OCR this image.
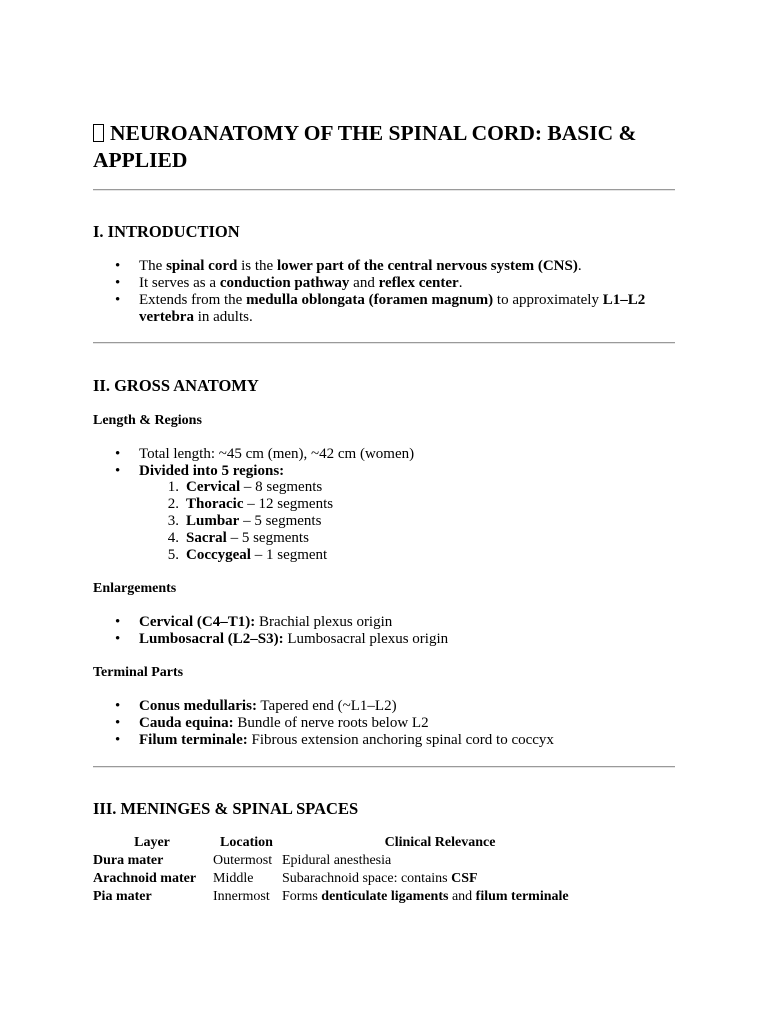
NEUROANATOMY OF THE SPINAL CORD: BASIC & APPLIED
I. INTRODUCTION
• The spinal cord is the lower part of the central nervous system (CNS).
• It serves as a conduction pathway and reflex center.
• Extends from the medulla oblongata (foramen magnum) to approximately L1–L2 vertebra in adults.
II. GROSS ANATOMY
Length & Regions
• Total length: ~45 cm (men), ~42 cm (women)
• Divided into 5 regions:
1. Cervical – 8 segments
2. Thoracic – 12 segments
3. Lumbar – 5 segments
4. Sacral – 5 segments
5. Coccygeal – 1 segment
Enlargements
• Cervical (C4–T1): Brachial plexus origin
• Lumbosacral (L2–S3): Lumbosacral plexus origin
Terminal Parts
• Conus medullaris: Tapered end (~L1–L2)
• Cauda equina: Bundle of nerve roots below L2
• Filum terminale: Fibrous extension anchoring spinal cord to coccyx
III. MENINGES & SPINAL SPACES
Layer	Location	Clinical Relevance
Dura mater	Outermost	Epidural anesthesia
Arachnoid mater	Middle	Subarachnoid space: contains CSF
Pia mater	Innermost	Forms denticulate ligaments and filum terminale
